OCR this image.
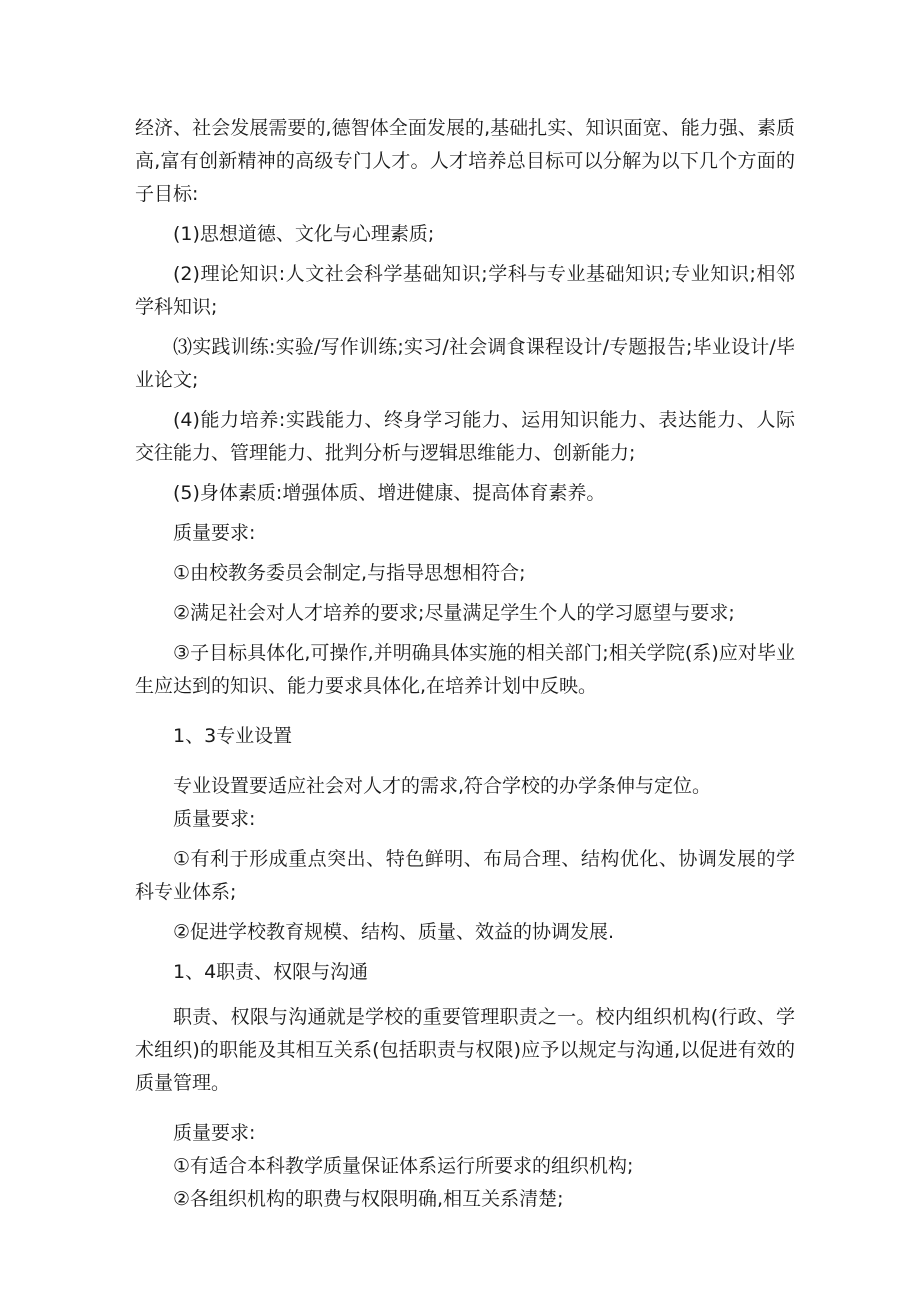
经济、社会发展需要的,德智体全面发展的,基础扎实、知识面宽、能力强、素质高,富有创新精神的高级专门人才。人才培养总目标可以分解为以下几个方面的子目标:

(1)思想道德、文化与心理素质;

(2)理论知识:人文社会科学基础知识;学科与专业基础知识;专业知识;相邻学科知识;

⑶实践训练:实验/写作训练;实习/社会调食课程设计/专题报告;毕业设计/毕业论文;

(4)能力培养:实践能力、终身学习能力、运用知识能力、表达能力、人际交往能力、管理能力、批判分析与逻辑思维能力、创新能力;

(5)身体素质:增强体质、增进健康、提高体育素养。

质量要求:

①由校教务委员会制定,与指导思想相符合;

②满足社会对人才培养的要求;尽量满足学生个人的学习愿望与要求;

③子目标具体化,可操作,并明确具体实施的相关部门;相关学院(系)应对毕业生应达到的知识、能力要求具体化,在培养计划中反映。

1、3专业设置

专业设置要适应社会对人才的需求,符合学校的办学条伸与定位。

质量要求:

①有利于形成重点突出、特色鲜明、布局合理、结构优化、协调发展的学科专业体系;

②促进学校教育规模、结构、质量、效益的协调发展.

1、4职责、权限与沟通

职责、权限与沟通就是学校的重要管理职责之一。校内组织机构(行政、学术组织)的职能及其相互关系(包括职责与权限)应予以规定与沟通,以促进有效的质量管理。

质量要求:

①有适合本科教学质量保证体系运行所要求的组织机构;

②各组织机构的职费与权限明确,相互关系清楚;
